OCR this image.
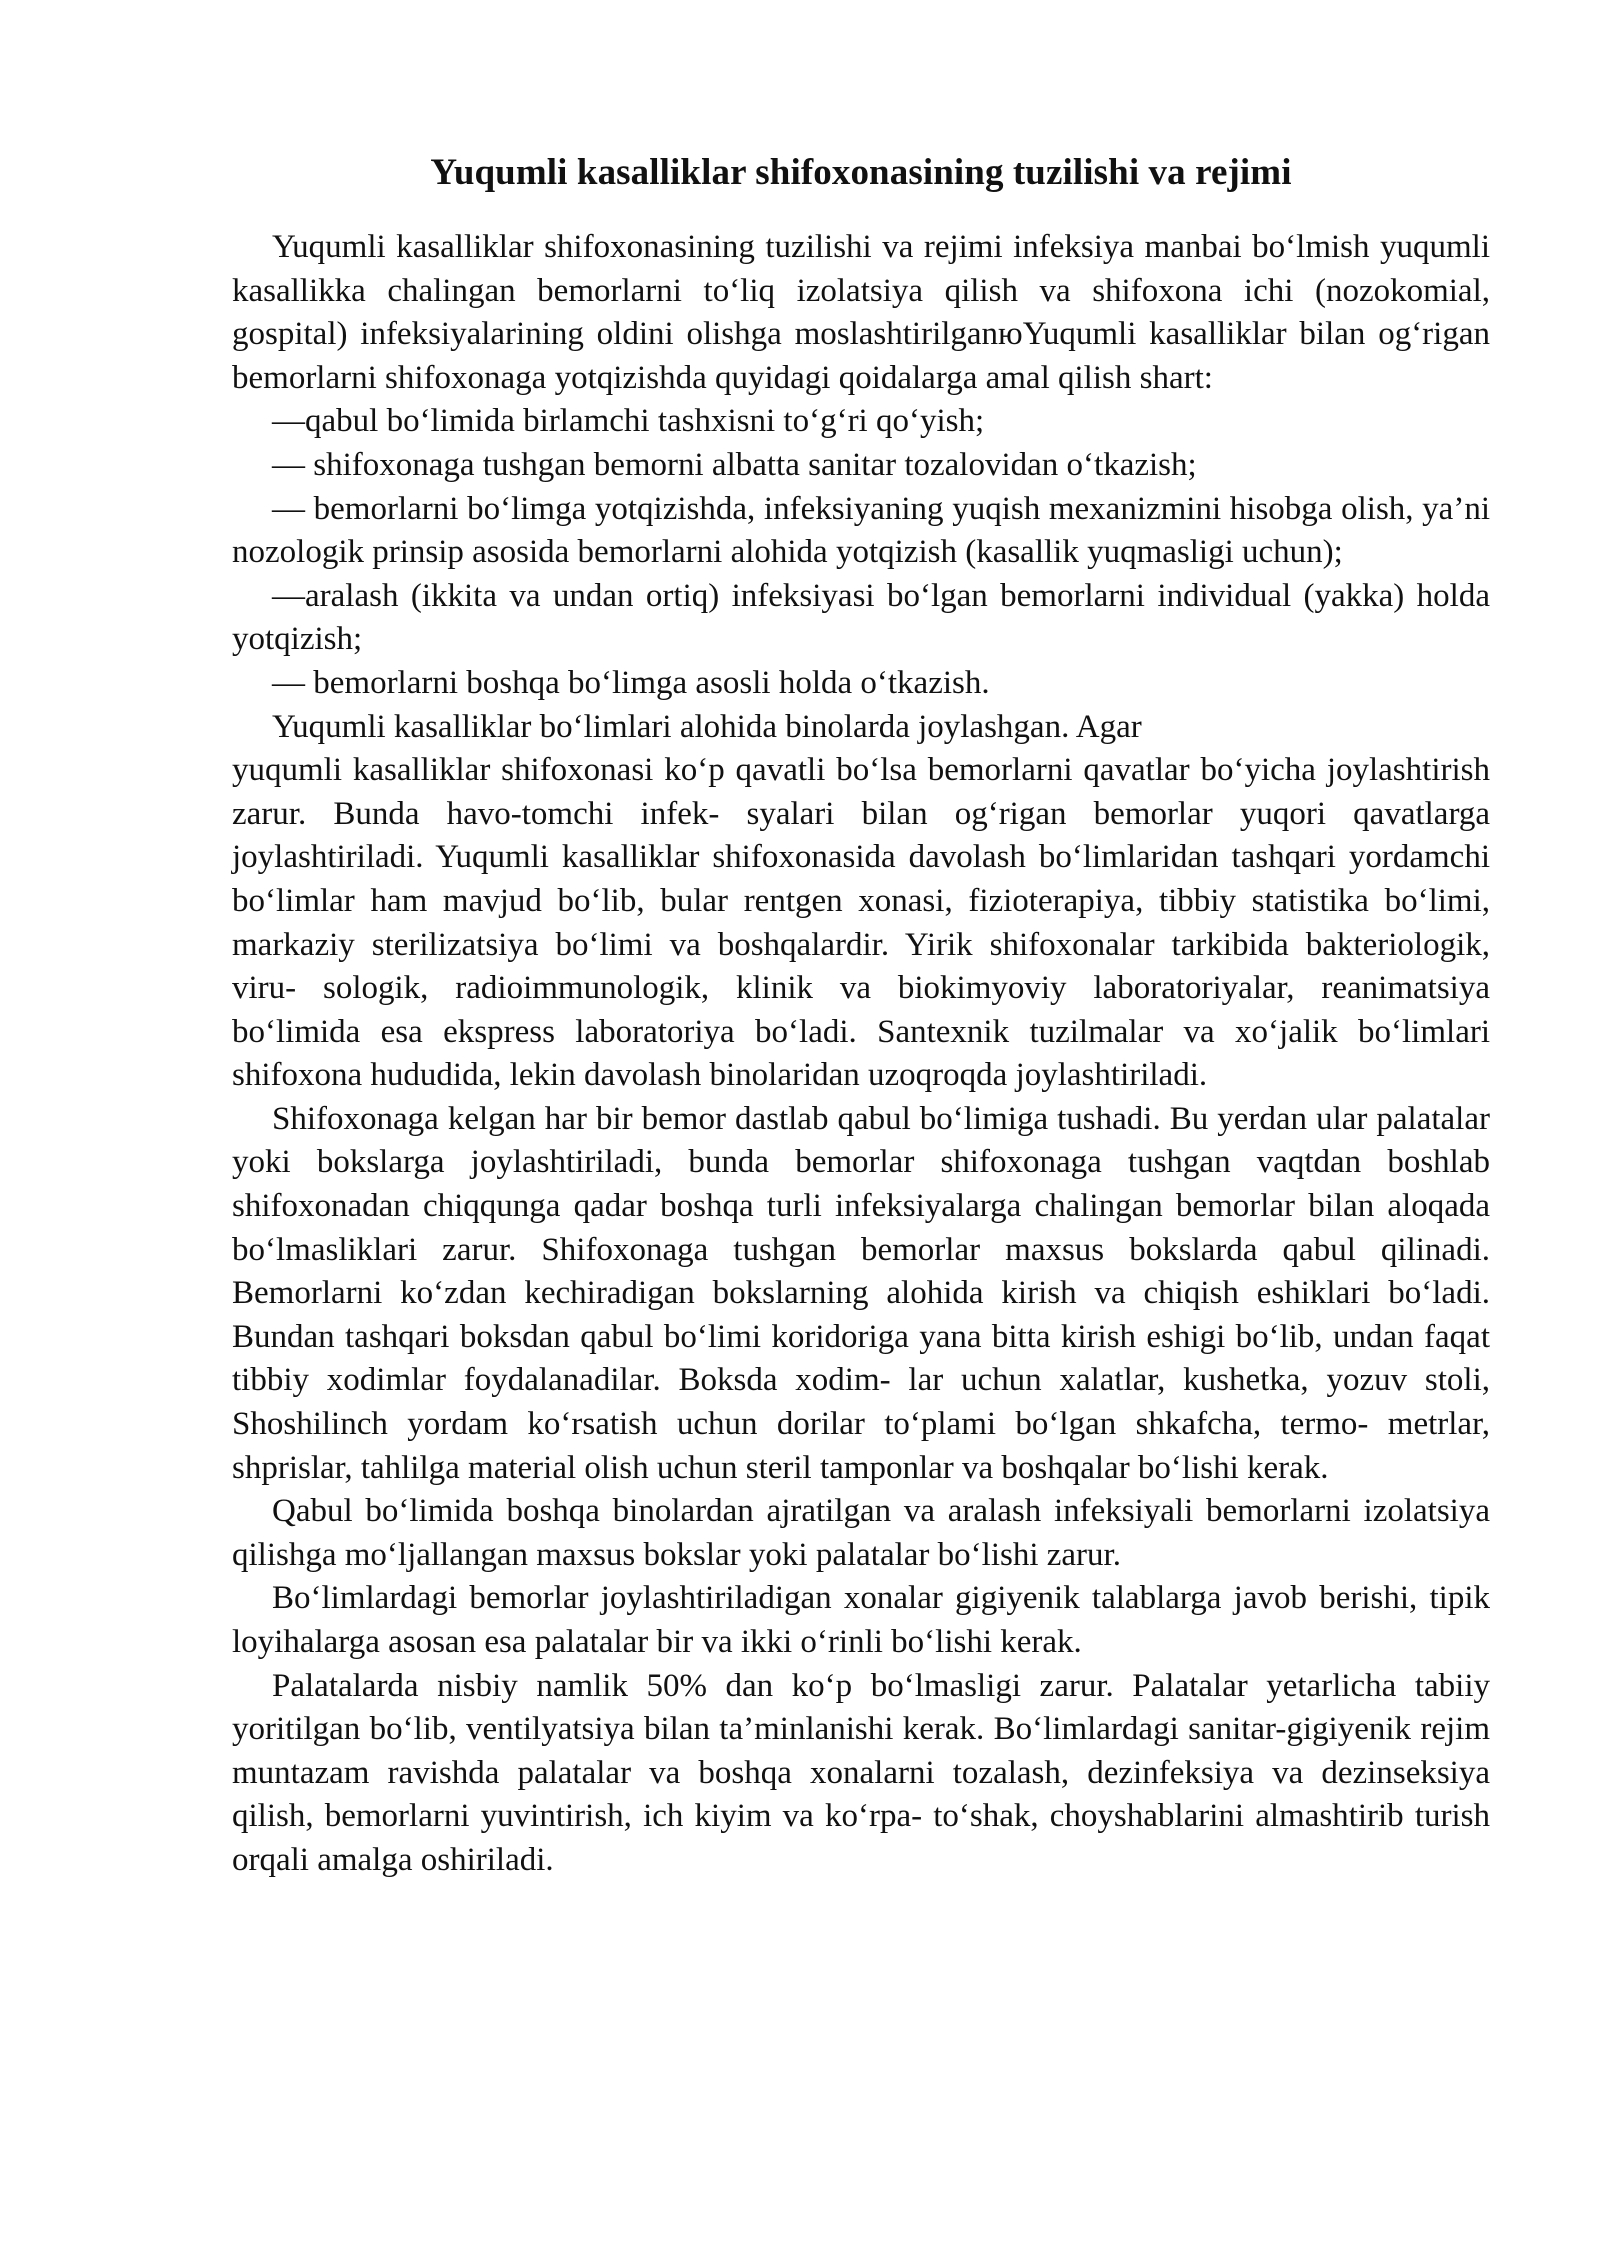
Yuqumli kasalliklar shifoxonasining tuzilishi va rejimi

Yuqumli kasalliklar shifoxonasining tuzilishi va rejimi infeksiya manbai bo‘lmish yuqumli kasallikka chalingan bemorlarni to‘liq izolatsiya qilish va shifoxona ichi (nozokomial, gospital) infeksiyalarining oldini olishga moslashtirilganюYuqumli kasalliklar bilan og‘rigan bemorlarni shifoxonaga yotqizishda quyidagi qoidalarga amal qilish shart:

—qabul bo‘limida birlamchi tashxisni to‘g‘ri qo‘yish;

— shifoxonaga tushgan bemorni albatta sanitar tozalovidan o‘tkazish;

— bemorlarni bo‘limga yotqizishda, infeksiyaning yuqish mexanizmini hisobga olish, ya’ni nozologik prinsip asosida bemorlarni alohida yotqizish (kasallik yuqmasligi uchun);

—aralash (ikkita va undan ortiq) infeksiyasi bo‘lgan bemorlarni individual (yakka) holda yotqizish;

— bemorlarni boshqa bo‘limga asosli holda o‘tkazish.

Yuqumli kasalliklar bo‘limlari alohida binolarda joylashgan. Agar

yuqumli kasalliklar shifoxonasi ko‘p qavatli bo‘lsa bemorlarni qavatlar bo‘yicha joylashtirish zarur. Bunda havo-tomchi infek- syalari bilan og‘rigan bemorlar yuqori qavatlarga joylashtiriladi. Yuqumli kasalliklar shifoxonasida davolash bo‘limlaridan tashqari yordamchi bo‘limlar ham mavjud bo‘lib, bular rentgen xonasi, fizioterapiya, tibbiy statistika bo‘limi, markaziy sterilizatsiya bo‘limi va boshqalardir. Yirik shifoxonalar tarkibida bakteriologik, viru- sologik, radioimmunologik, klinik va biokimyoviy laboratoriyalar, reanimatsiya bo‘limida esa ekspress laboratoriya bo‘ladi. Santexnik tuzilmalar va xo‘jalik bo‘limlari shifoxona hududida, lekin davolash binolaridan uzoqroqda joylashtiriladi.

Shifoxonaga kelgan har bir bemor dastlab qabul bo‘limiga tushadi. Bu yerdan ular palatalar yoki bokslarga joylashtiriladi, bunda bemorlar shifoxonaga tushgan vaqtdan boshlab shifoxonadan chiqqunga qadar boshqa turli infeksiyalarga chalingan bemorlar bilan aloqada bo‘lmasliklari zarur. Shifoxonaga tushgan bemorlar maxsus bokslarda qabul qilinadi. Bemorlarni ko‘zdan kechiradigan bokslarning alohida kirish va chiqish eshiklari bo‘ladi. Bundan tashqari boksdan qabul bo‘limi koridoriga yana bitta kirish eshigi bo‘lib, undan faqat tibbiy xodimlar foydalanadilar. Boksda xodim- lar uchun xalatlar, kushetka, yozuv stoli, Shoshilinch yordam ko‘rsatish uchun dorilar to‘plami bo‘lgan shkafcha, termo- metrlar, shprislar, tahlilga material olish uchun steril tamponlar va boshqalar bo‘lishi kerak.

Qabul bo‘limida boshqa binolardan ajratilgan va aralash infeksiyali bemorlarni izolatsiya qilishga mo‘ljallangan maxsus bokslar yoki palatalar bo‘lishi zarur.

Bo‘limlardagi bemorlar joylashtiriladigan xonalar gigiyenik talablarga javob berishi, tipik loyihalarga asosan esa palatalar bir va ikki o‘rinli bo‘lishi kerak.

Palatalarda nisbiy namlik 50% dan ko‘p bo‘lmasligi zarur. Palatalar yetarlicha tabiiy yoritilgan bo‘lib, ventilyatsiya bilan ta’minlanishi kerak. Bo‘limlardagi sanitar-gigiyenik rejim muntazam ravishda palatalar va boshqa xonalarni tozalash, dezinfeksiya va dezinseksiya qilish, bemorlarni yuvintirish, ich kiyim va ko‘rpa- to‘shak, choyshablarini almashtirib turish orqali amalga oshiriladi.
